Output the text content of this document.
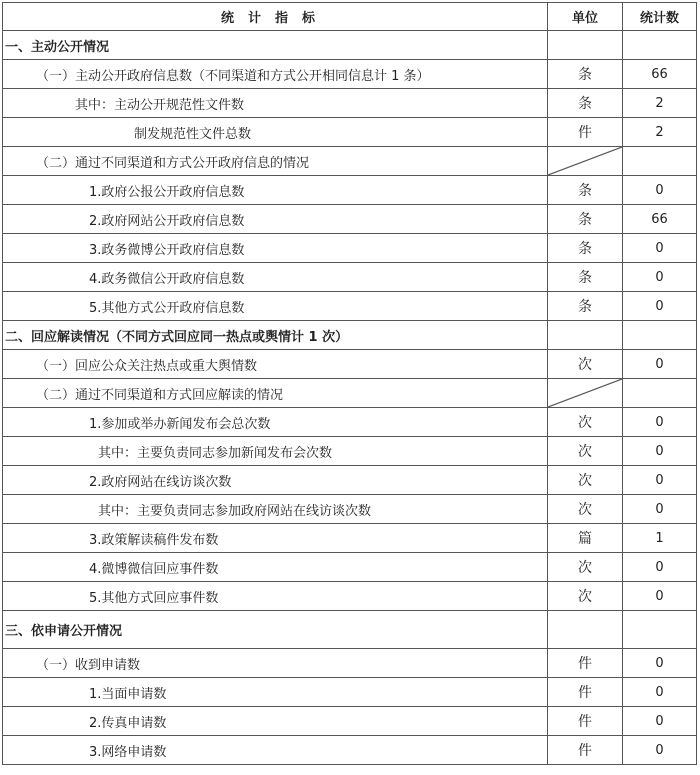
统计指标	单位	统计数
一、主动公开情况		
（一）主动公开政府信息数（不同渠道和方式公开相同信息计 1 条）	条	66
其中：主动公开规范性文件数	条	2
制发规范性文件总数	件	2
（二）通过不同渠道和方式公开政府信息的情况	

1.政府公报公开政府信息数	条	0
2.政府网站公开政府信息数	条	66
3.政务微博公开政府信息数	条	0
4.政务微信公开政府信息数	条	0
5.其他方式公开政府信息数	条	0
二、回应解读情况（不同方式回应同一热点或舆情计 1 次）		
（一）回应公众关注热点或重大舆情数	次	0
（二）通过不同渠道和方式回应解读的情况	

1.参加或举办新闻发布会总次数	次	0
其中：主要负责同志参加新闻发布会次数	次	0
2.政府网站在线访谈次数	次	0
其中：主要负责同志参加政府网站在线访谈次数	次	0
3.政策解读稿件发布数	篇	1
4.微博微信回应事件数	次	0
5.其他方式回应事件数	次	0
三、依申请公开情况		
（一）收到申请数	件	0
1.当面申请数	件	0
2.传真申请数	件	0
3.网络申请数	件	0
